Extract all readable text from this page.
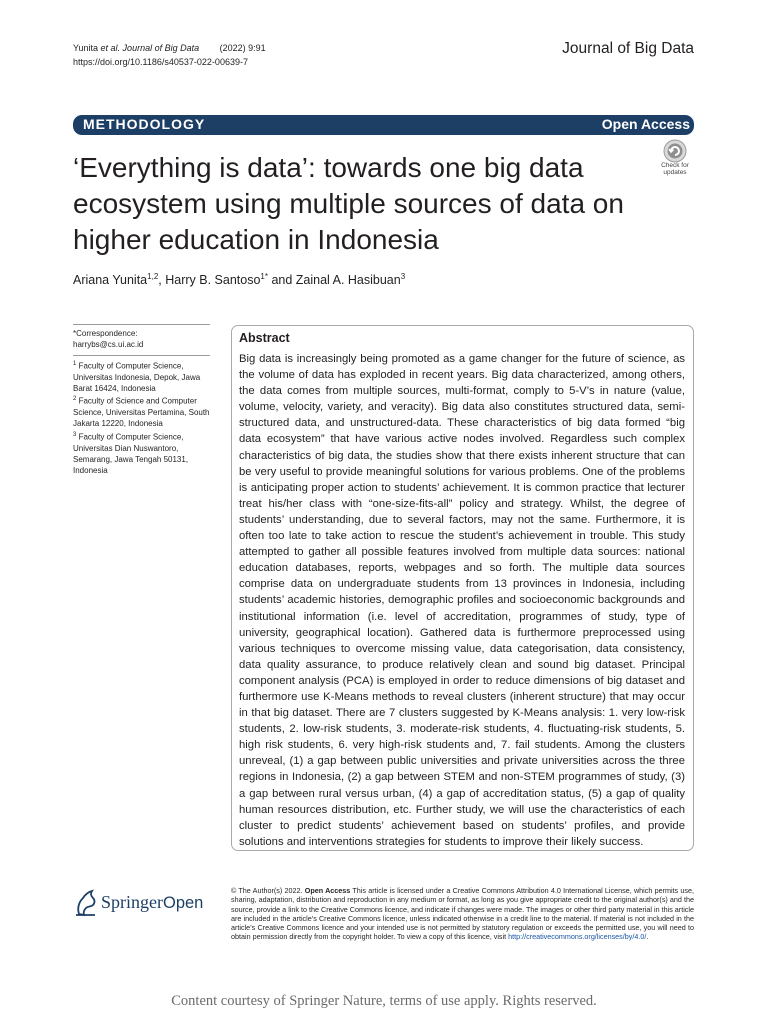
Yunita et al. Journal of Big Data (2022) 9:91
https://doi.org/10.1186/s40537-022-00639-7
Journal of Big Data
METHODOLOGY	Open Access
‘Everything is data’: towards one big data ecosystem using multiple sources of data on higher education in Indonesia
Check for
updates
Ariana Yunita$^{1,2}$, Harry B. Santoso$^{1*}$ and Zainal A. Hasibuan$^3$
*Correspondence:
harrybs@cs.ui.ac.id

$^1$ Faculty of Computer Science, Universitas Indonesia, Depok, Jawa Barat 16424, Indonesia

$^2$ Faculty of Science and Computer Science, Universitas Pertamina, South Jakarta 12220, Indonesia

$^3$ Faculty of Computer Science, Universitas Dian Nuswantoro, Semarang, Jawa Tengah 50131, Indonesia

Abstract

Big data is increasingly being promoted as a game changer for the future of science, as the volume of data has exploded in recent years. Big data characterized, among others, the data comes from multiple sources, multi-format, comply to 5-V’s in nature (value, volume, velocity, variety, and veracity). Big data also constitutes structured data, semi-structured data, and unstructured-data. These characteristics of big data formed “big data ecosystem” that have various active nodes involved. Regardless such complex characteristics of big data, the studies show that there exists inherent structure that can be very useful to provide meaningful solutions for various problems. One of the problems is anticipating proper action to students’ achievement. It is common practice that lecturer treat his/her class with “one-size-fits-all” policy and strategy. Whilst, the degree of students’ understanding, due to several factors, may not the same. Furthermore, it is often too late to take action to rescue the student’s achievement in trouble. This study attempted to gather all possible features involved from multiple data sources: national education databases, reports, webpages and so forth. The multiple data sources comprise data on undergraduate students from 13 provinces in Indonesia, including students’ academic histories, demographic profiles and socioeconomic backgrounds and institutional information (i.e. level of accreditation, programmes of study, type of university, geographical location). Gathered data is furthermore preprocessed using various techniques to overcome missing value, data categorisation, data consistency, data quality assurance, to produce relatively clean and sound big dataset. Principal component analysis (PCA) is employed in order to reduce dimensions of big dataset and furthermore use K-Means methods to reveal clusters (inherent structure) that may occur in that big dataset. There are 7 clusters suggested by K-Means analysis: 1. very low-risk students, 2. low-risk students, 3. moderate-risk students, 4. fluctuating-risk students, 5. high risk students, 6. very high-risk students and, 7. fail students. Among the clusters unreveal, (1) a gap between public universities and private universities across the three regions in Indonesia, (2) a gap between STEM and non-STEM programmes of study, (3) a gap between rural versus urban, (4) a gap of accreditation status, (5) a gap of quality human resources distribution, etc. Further study, we will use the characteristics of each cluster to predict students’ achievement based on students’ profiles, and provide solutions and interventions strategies for students to improve their likely success.

SpringerOpen

© The Author(s) 2022. Open Access This article is licensed under a Creative Commons Attribution 4.0 International License, which permits use, sharing, adaptation, distribution and reproduction in any medium or format, as long as you give appropriate credit to the original author(s) and the source, provide a link to the Creative Commons licence, and indicate if changes were made. The images or other third party material in this article are included in the article’s Creative Commons licence, unless indicated otherwise in a credit line to the material. If material is not included in the article’s Creative Commons licence and your intended use is not permitted by statutory regulation or exceeds the permitted use, you will need to obtain permission directly from the copyright holder. To view a copy of this licence, visit http://creativecommons.org/licenses/by/4.0/.

Content courtesy of Springer Nature, terms of use apply. Rights reserved.
